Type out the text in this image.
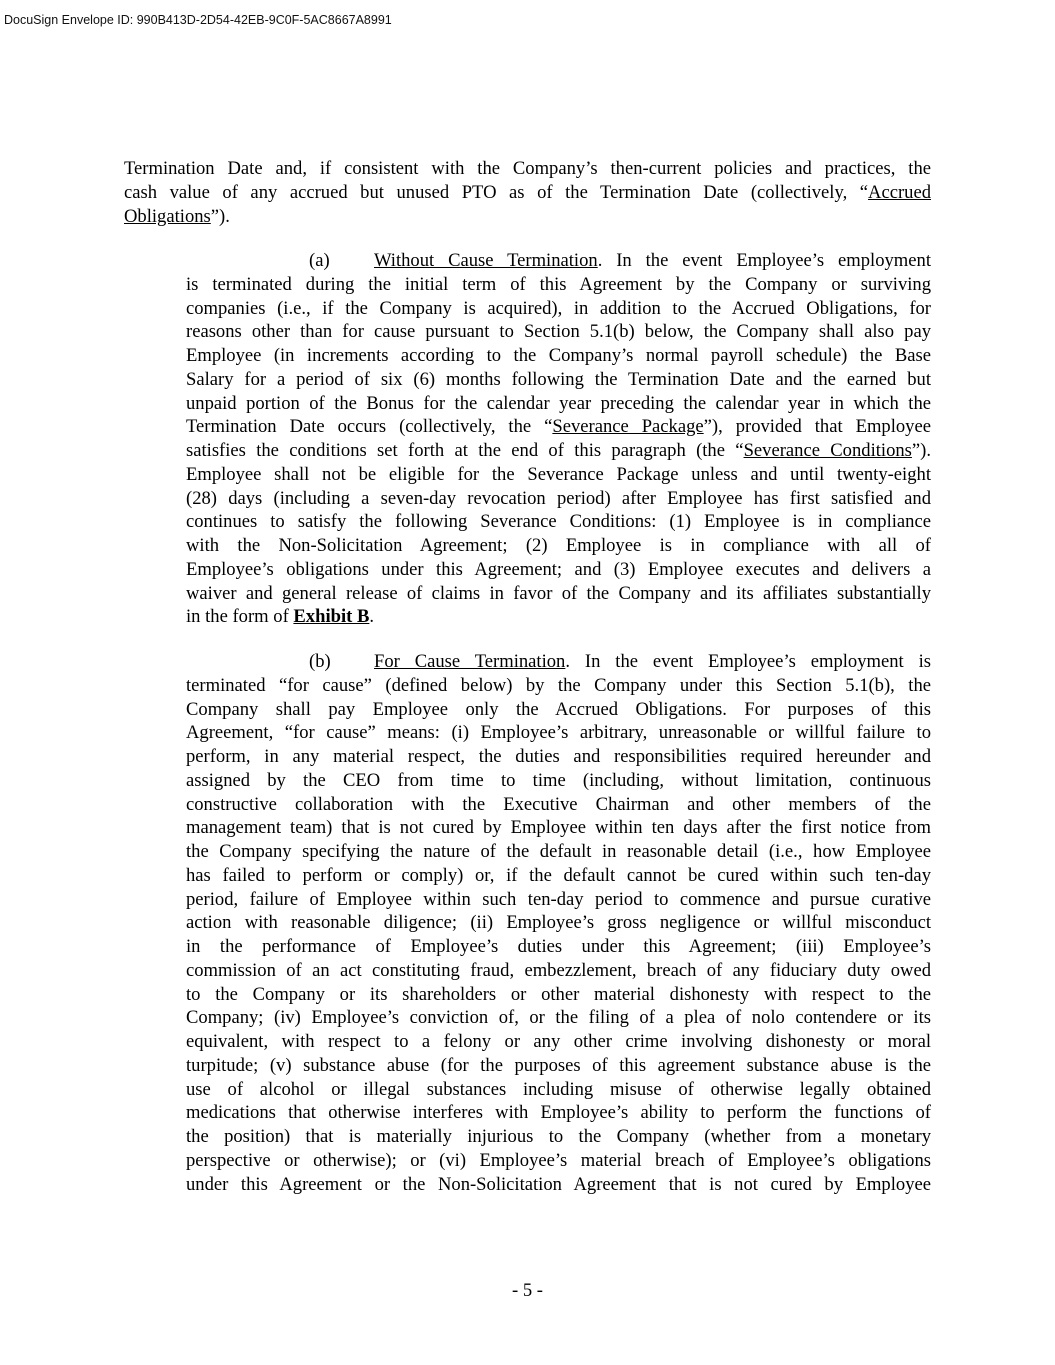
DocuSign Envelope ID: 990B413D-2D54-42EB-9C0F-5AC8667A8991
Termination Date and, if consistent with the Company’s then-current policies and practices, the
cash value of any accrued but unused PTO as of the Termination Date (collectively, “Accrued
Obligations”).
(a) Without Cause Termination. In the event Employee’s employment
is terminated during the initial term of this Agreement by the Company or surviving
companies (i.e., if the Company is acquired), in addition to the Accrued Obligations, for
reasons other than for cause pursuant to Section 5.1(b) below, the Company shall also pay
Employee (in increments according to the Company’s normal payroll schedule) the Base
Salary for a period of six (6) months following the Termination Date and the earned but
unpaid portion of the Bonus for the calendar year preceding the calendar year in which the
Termination Date occurs (collectively, the “Severance Package”), provided that Employee
satisfies the conditions set forth at the end of this paragraph (the “Severance Conditions”).
Employee shall not be eligible for the Severance Package unless and until twenty-eight
(28) days (including a seven-day revocation period) after Employee has first satisfied and
continues to satisfy the following Severance Conditions: (1) Employee is in compliance
with the Non-Solicitation Agreement; (2) Employee is in compliance with all of
Employee’s obligations under this Agreement; and (3) Employee executes and delivers a
waiver and general release of claims in favor of the Company and its affiliates substantially
in the form of Exhibit B.
(b) For Cause Termination. In the event Employee’s employment is
terminated “for cause” (defined below) by the Company under this Section 5.1(b), the
Company shall pay Employee only the Accrued Obligations. For purposes of this
Agreement, “for cause” means: (i) Employee’s arbitrary, unreasonable or willful failure to
perform, in any material respect, the duties and responsibilities required hereunder and
assigned by the CEO from time to time (including, without limitation, continuous
constructive collaboration with the Executive Chairman and other members of the
management team) that is not cured by Employee within ten days after the first notice from
the Company specifying the nature of the default in reasonable detail (i.e., how Employee
has failed to perform or comply) or, if the default cannot be cured within such ten-day
period, failure of Employee within such ten-day period to commence and pursue curative
action with reasonable diligence; (ii) Employee’s gross negligence or willful misconduct
in the performance of Employee’s duties under this Agreement; (iii) Employee’s
commission of an act constituting fraud, embezzlement, breach of any fiduciary duty owed
to the Company or its shareholders or other material dishonesty with respect to the
Company; (iv) Employee’s conviction of, or the filing of a plea of nolo contendere or its
equivalent, with respect to a felony or any other crime involving dishonesty or moral
turpitude; (v) substance abuse (for the purposes of this agreement substance abuse is the
use of alcohol or illegal substances including misuse of otherwise legally obtained
medications that otherwise interferes with Employee’s ability to perform the functions of
the position) that is materially injurious to the Company (whether from a monetary
perspective or otherwise); or (vi) Employee’s material breach of Employee’s obligations
under this Agreement or the Non-Solicitation Agreement that is not cured by Employee
- 5 -
